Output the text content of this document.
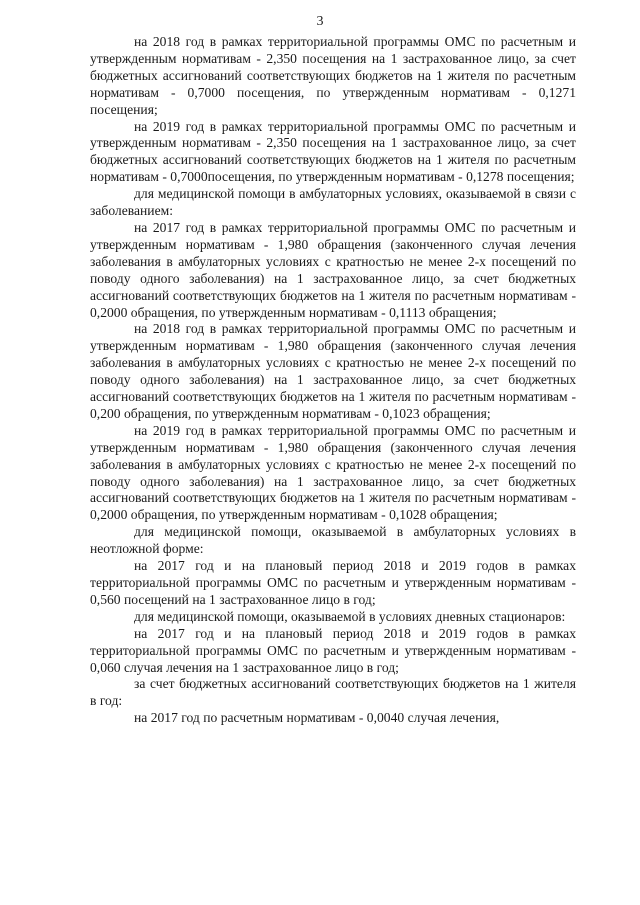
3

на 2018 год в рамках территориальной программы ОМС по расчетным и утвержденным нормативам - 2,350 посещения на 1 застрахованное лицо, за счет бюджетных ассигнований соответствующих бюджетов на 1 жителя по расчетным нормативам - 0,7000 посещения, по утвержденным нормативам - 0,1271 посещения;

на 2019 год в рамках территориальной программы ОМС по расчетным и утвержденным нормативам - 2,350 посещения на 1 застрахованное лицо, за счет бюджетных ассигнований соответствующих бюджетов на 1 жителя по расчетным нормативам - 0,7000посещения, по утвержденным нормативам - 0,1278 посещения;

для медицинской помощи в амбулаторных условиях, оказываемой в связи с заболеванием:

на 2017 год в рамках территориальной программы ОМС по расчетным и утвержденным нормативам - 1,980 обращения (законченного случая лечения заболевания в амбулаторных условиях с кратностью не менее 2-х посещений по поводу одного заболевания) на 1 застрахованное лицо, за счет бюджетных ассигнований соответствующих бюджетов на 1 жителя по расчетным нормативам - 0,2000 обращения, по утвержденным нормативам - 0,1113 обращения;

на 2018 год в рамках территориальной программы ОМС по расчетным и утвержденным нормативам - 1,980 обращения (законченного случая лечения заболевания в амбулаторных условиях с кратностью не менее 2-х посещений по поводу одного заболевания) на 1 застрахованное лицо, за счет бюджетных ассигнований соответствующих бюджетов на 1 жителя по расчетным нормативам - 0,200 обращения, по утвержденным нормативам - 0,1023 обращения;

на 2019 год в рамках территориальной программы ОМС по расчетным и утвержденным нормативам - 1,980 обращения (законченного случая лечения заболевания в амбулаторных условиях с кратностью не менее 2-х посещений по поводу одного заболевания) на 1 застрахованное лицо, за счет бюджетных ассигнований соответствующих бюджетов на 1 жителя по расчетным нормативам - 0,2000 обращения, по утвержденным нормативам - 0,1028 обращения;

для медицинской помощи, оказываемой в амбулаторных условиях в неотложной форме:

на 2017 год и на плановый период 2018 и 2019 годов в рамках территориальной программы ОМС по расчетным и утвержденным нормативам - 0,560 посещений на 1 застрахованное лицо в год;

для медицинской помощи, оказываемой в условиях дневных стационаров:

на 2017 год и на плановый период 2018 и 2019 годов в рамках территориальной программы ОМС по расчетным и утвержденным нормативам - 0,060 случая лечения на 1 застрахованное лицо в год;

за счет бюджетных ассигнований соответствующих бюджетов на 1 жителя в год:

на 2017 год по расчетным нормативам - 0,0040 случая лечения,
